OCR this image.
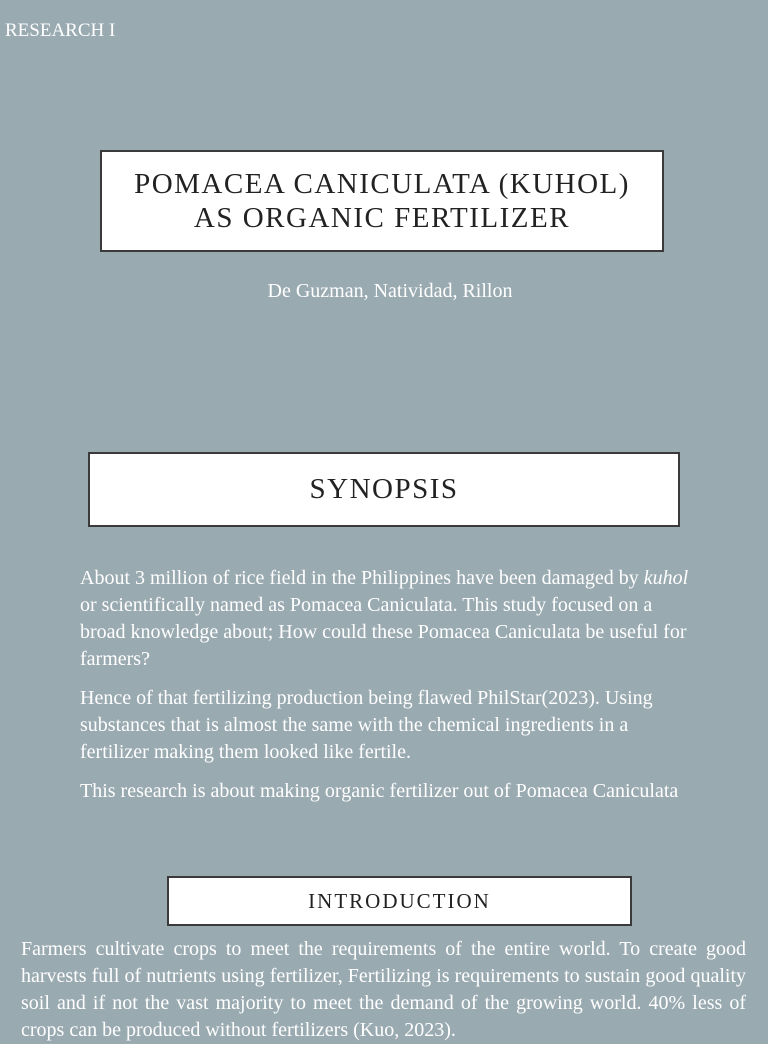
RESEARCH I
POMACEA CANICULATA (KUHOL)
AS ORGANIC FERTILIZER
De Guzman, Natividad, Rillon
SYNOPSIS

About 3 million of rice field in the Philippines have been damaged by kuhol or scientifically named as Pomacea Caniculata. This study focused on a broad knowledge about; How could these Pomacea Caniculata be useful for farmers?

Hence of that fertilizing production being flawed PhilStar(2023). Using substances that is almost the same with the chemical ingredients in a fertilizer making them looked like fertile.

This research is about making organic fertilizer out of Pomacea Caniculata

INTRODUCTION

Farmers cultivate crops to meet the requirements of the entire world. To create good harvests full of nutrients using fertilizer, Fertilizing is requirements to sustain good quality soil and if not the vast majority to meet the demand of the growing world. 40% less of crops can be produced without fertilizers (Kuo, 2023).
